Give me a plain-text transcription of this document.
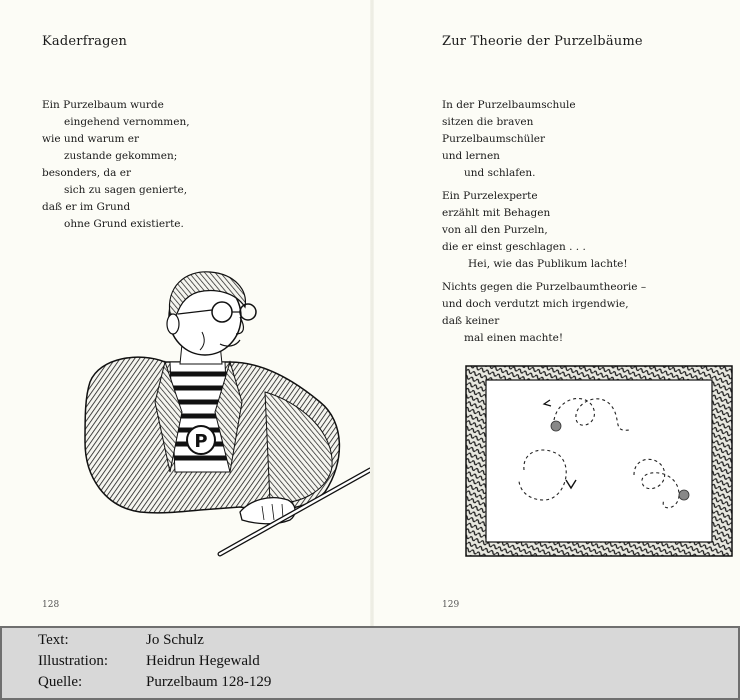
Kaderfragen
Ein Purzelbaum wurde
eingehend vernommen,
wie und warum er
zustande gekommen;
besonders, da er
sich zu sagen genierte,
daß er im Grund
ohne Grund existierte.
P
128
Zur Theorie der Purzelbäume
In der Purzelbaumschule
sitzen die braven
Purzelbaumschüler
und lernen
und schlafen.
Ein Purzelexperte
erzählt mit Behagen
von all den Purzeln,
die er einst geschlagen . . .
Hei, wie das Publikum lachte!
Nichts gegen die Purzelbaumtheorie –
und doch verdutzt mich irgendwie,
daß keiner
mal einen machte!
129
Text:	Jo Schulz
Illustration:	Heidrun Hegewald
Quelle:	Purzelbaum 128-129
